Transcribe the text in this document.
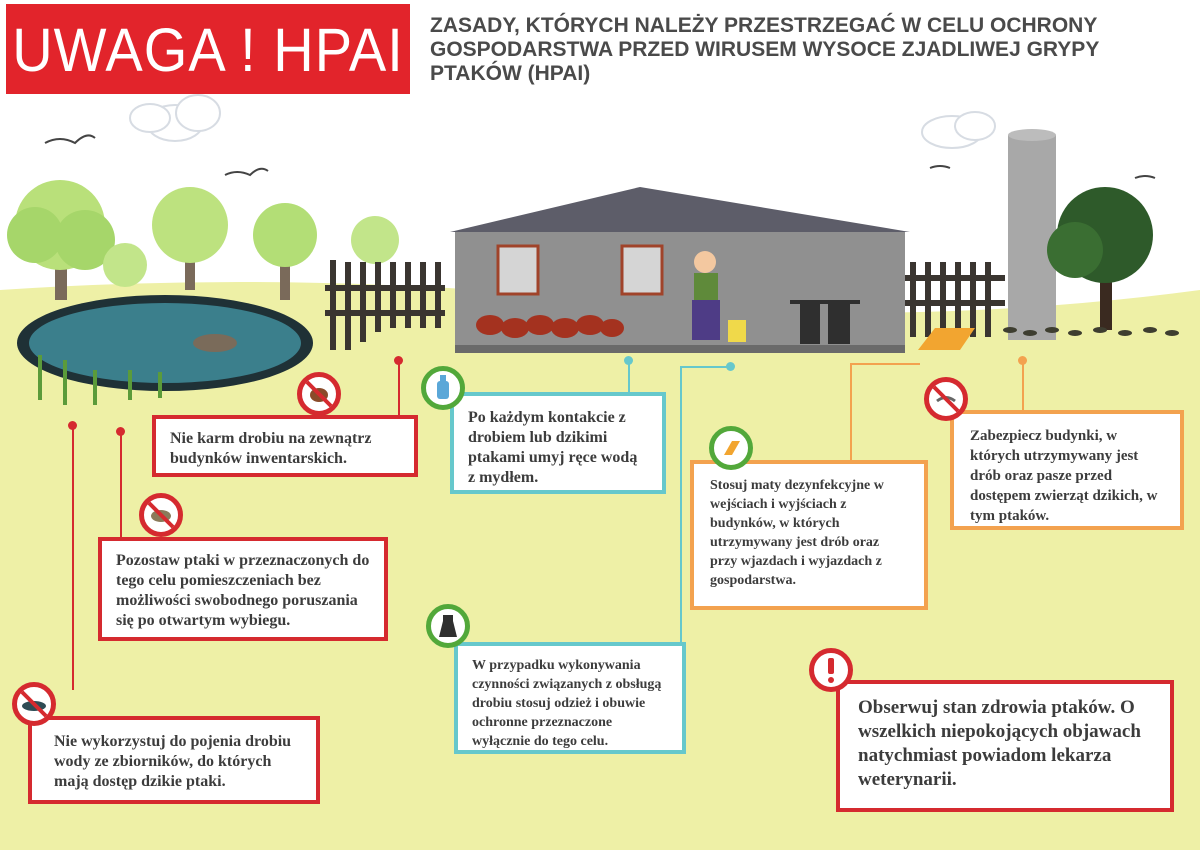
UWAGA ! HPAI ZASADY, KTÓRYCH NALEŻY PRZESTRZEGAĆ W CELU OCHRONY GOSPODARSTWA PRZED WIRUSEM WYSOCE ZJADLIWEJ GRYPY PTAKÓW (HPAI)

Nie karm drobiu na zewnątrz budynków inwentarskich.

Po każdym kontakcie z drobiem lub dzikimi ptakami umyj ręce wodą z mydłem.

Pozostaw ptaki w przeznaczonych do tego celu pomieszczeniach bez możliwości swobodnego poruszania się po otwartym wybiegu.

Nie wykorzystuj do pojenia drobiu wody ze zbiorników, do których mają dostęp dzikie ptaki.

Stosuj maty dezynfekcyjne w wejściach i wyjściach z budynków, w których utrzymywany jest drób oraz przy wjazdach i wyjazdach z gospodarstwa.

Zabezpiecz budynki, w których utrzymywany jest drób oraz pasze przed dostępem zwierząt dzikich, w tym ptaków.

W przypadku wykonywania czynności związanych z obsługą drobiu stosuj odzież i obuwie ochronne przeznaczone wyłącznie do tego celu.

Obserwuj stan zdrowia ptaków. O wszelkich niepokojących objawach natychmiast powiadom lekarza weterynarii.
